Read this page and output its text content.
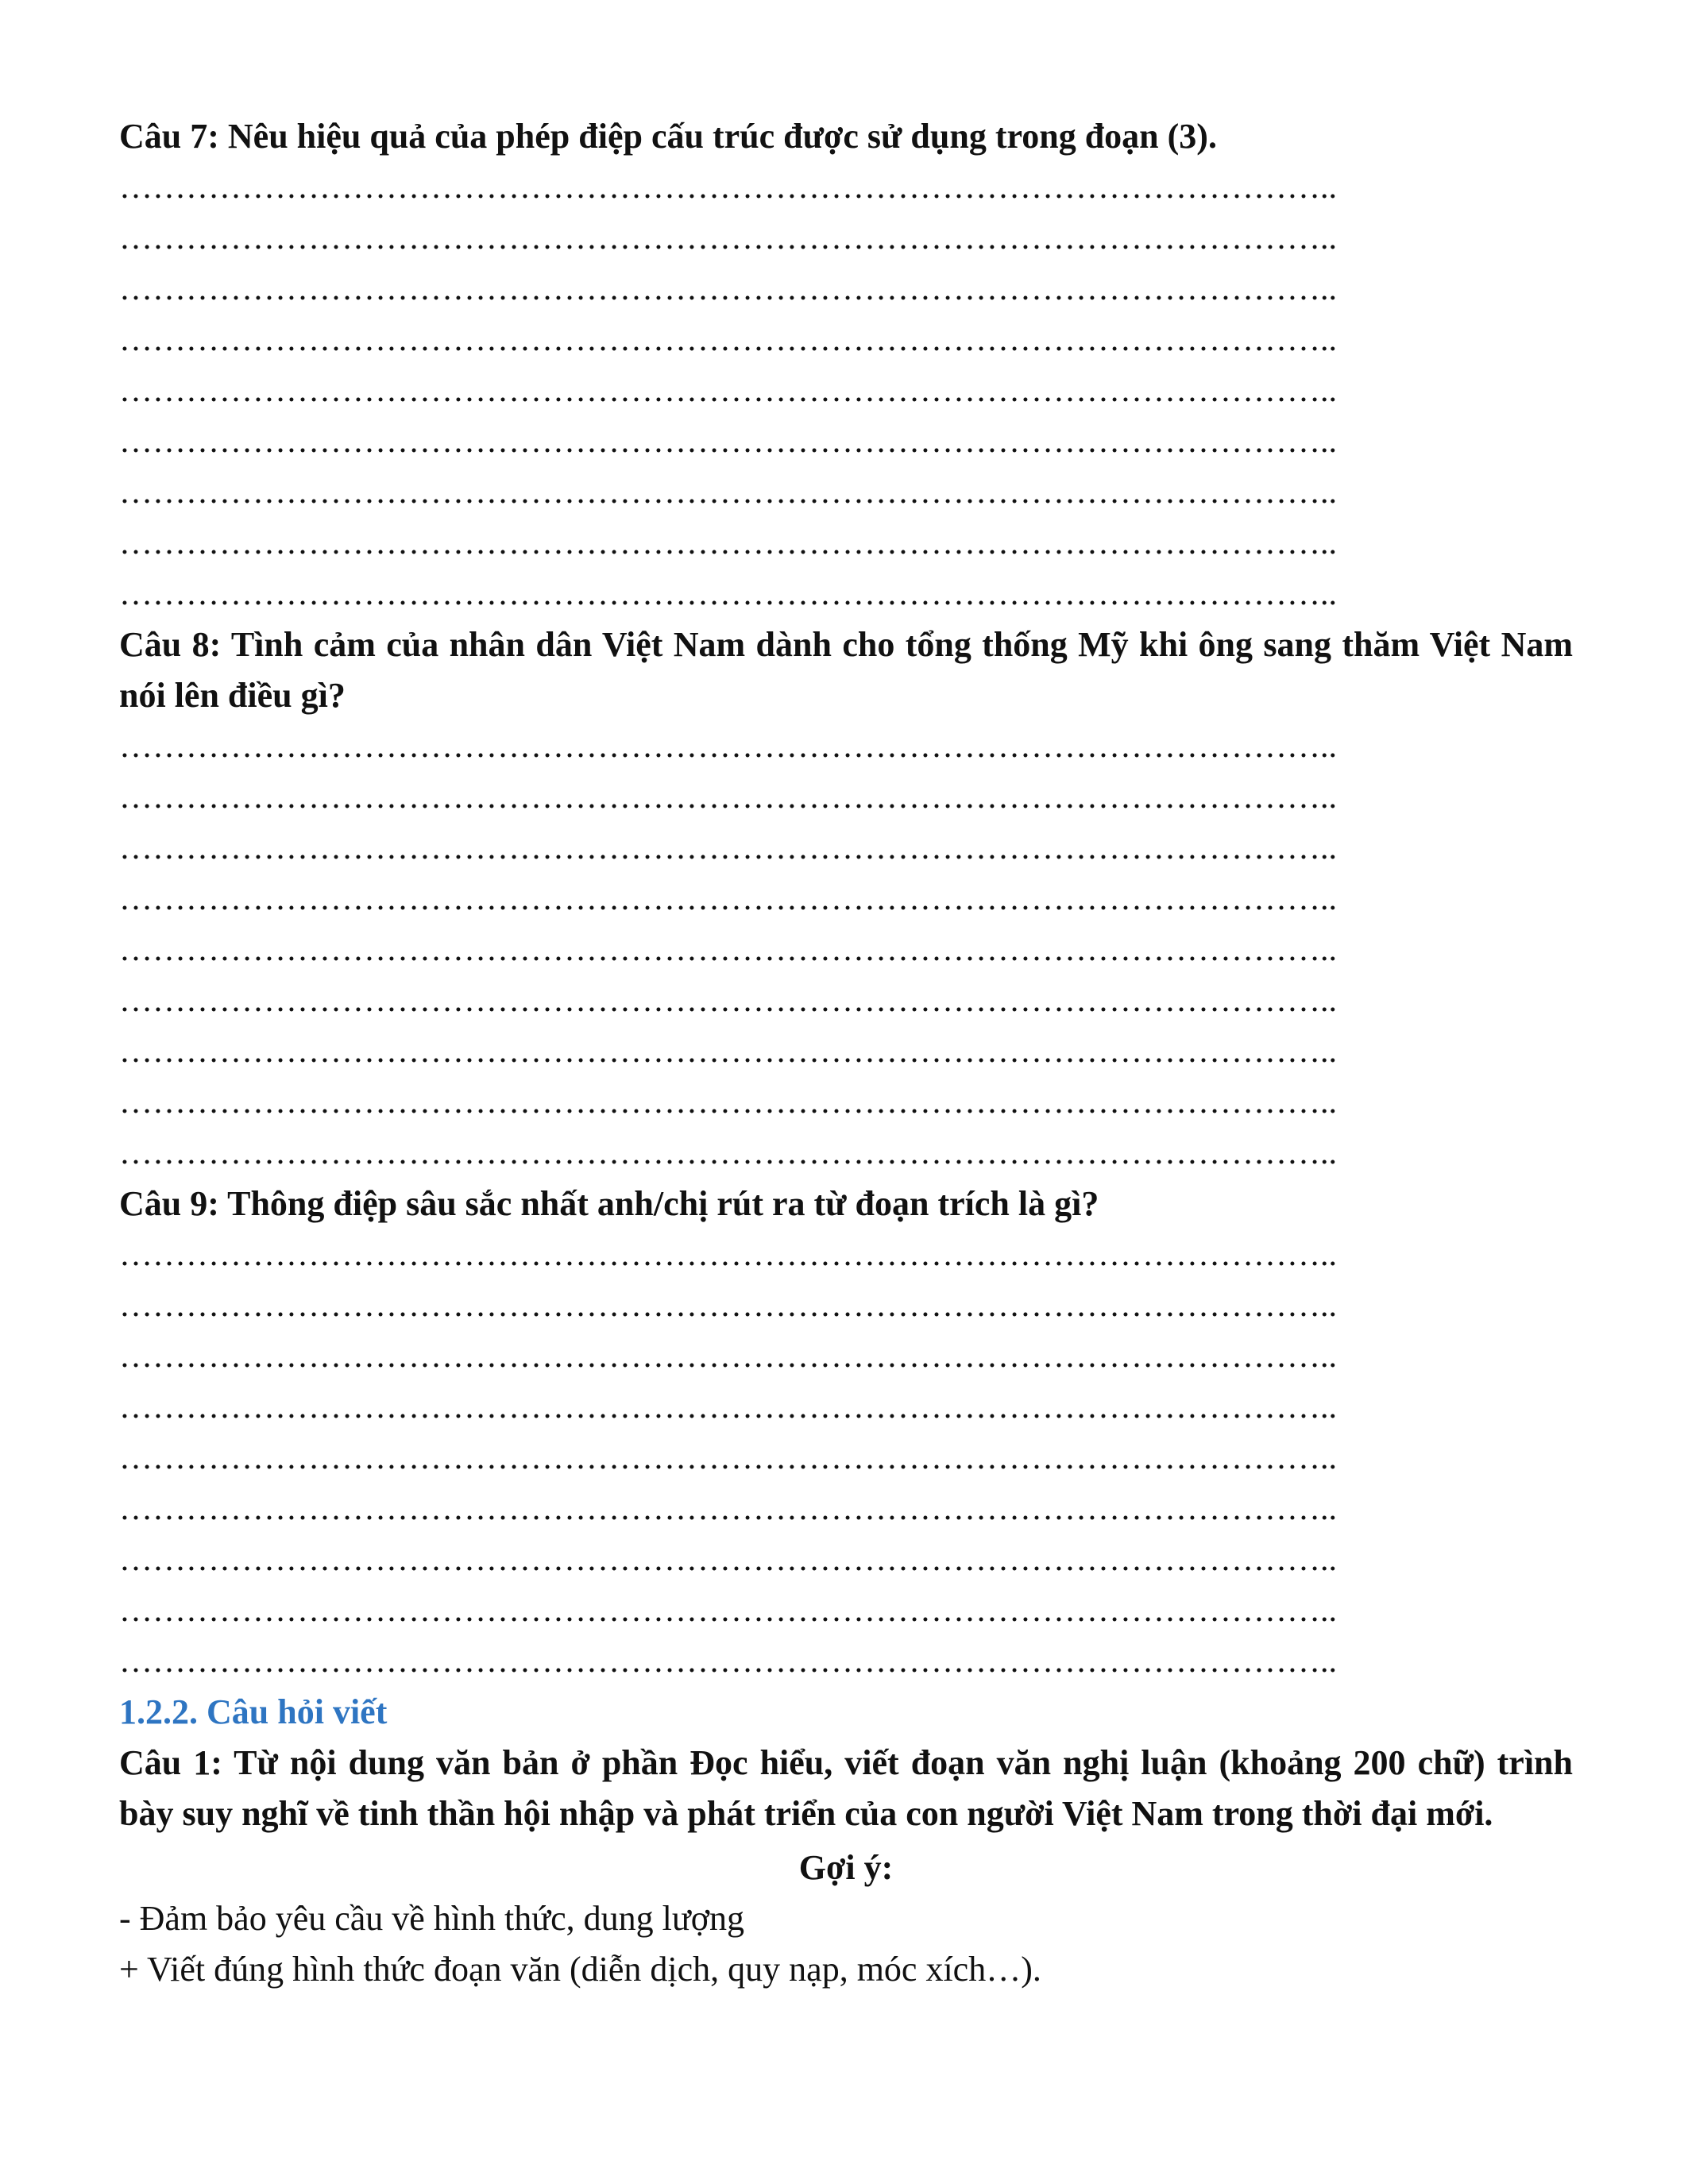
Câu 7: Nêu hiệu quả của phép điệp cấu trúc được sử dụng trong đoạn (3).

………………………………………………………………………………………………..
………………………………………………………………………………………………..
………………………………………………………………………………………………..
………………………………………………………………………………………………..
………………………………………………………………………………………………..
………………………………………………………………………………………………..
………………………………………………………………………………………………..
………………………………………………………………………………………………..
………………………………………………………………………………………………..

Câu 8: Tình cảm của nhân dân Việt Nam dành cho tổng thống Mỹ khi ông sang thăm Việt Nam nói lên điều gì?

………………………………………………………………………………………………..
………………………………………………………………………………………………..
………………………………………………………………………………………………..
………………………………………………………………………………………………..
………………………………………………………………………………………………..
………………………………………………………………………………………………..
………………………………………………………………………………………………..
………………………………………………………………………………………………..
………………………………………………………………………………………………..

Câu 9: Thông điệp sâu sắc nhất anh/chị rút ra từ đoạn trích là gì?

………………………………………………………………………………………………..
………………………………………………………………………………………………..
………………………………………………………………………………………………..
………………………………………………………………………………………………..
………………………………………………………………………………………………..
………………………………………………………………………………………………..
………………………………………………………………………………………………..
………………………………………………………………………………………………..
………………………………………………………………………………………………..

1.2.2. Câu hỏi viết

Câu 1: Từ nội dung văn bản ở phần Đọc hiểu, viết đoạn văn nghị luận (khoảng 200 chữ) trình bày suy nghĩ về tinh thần hội nhập và phát triển của con người Việt Nam trong thời đại mới.

Gợi ý:

- Đảm bảo yêu cầu về hình thức, dung lượng

+ Viết đúng hình thức đoạn văn (diễn dịch, quy nạp, móc xích…).
